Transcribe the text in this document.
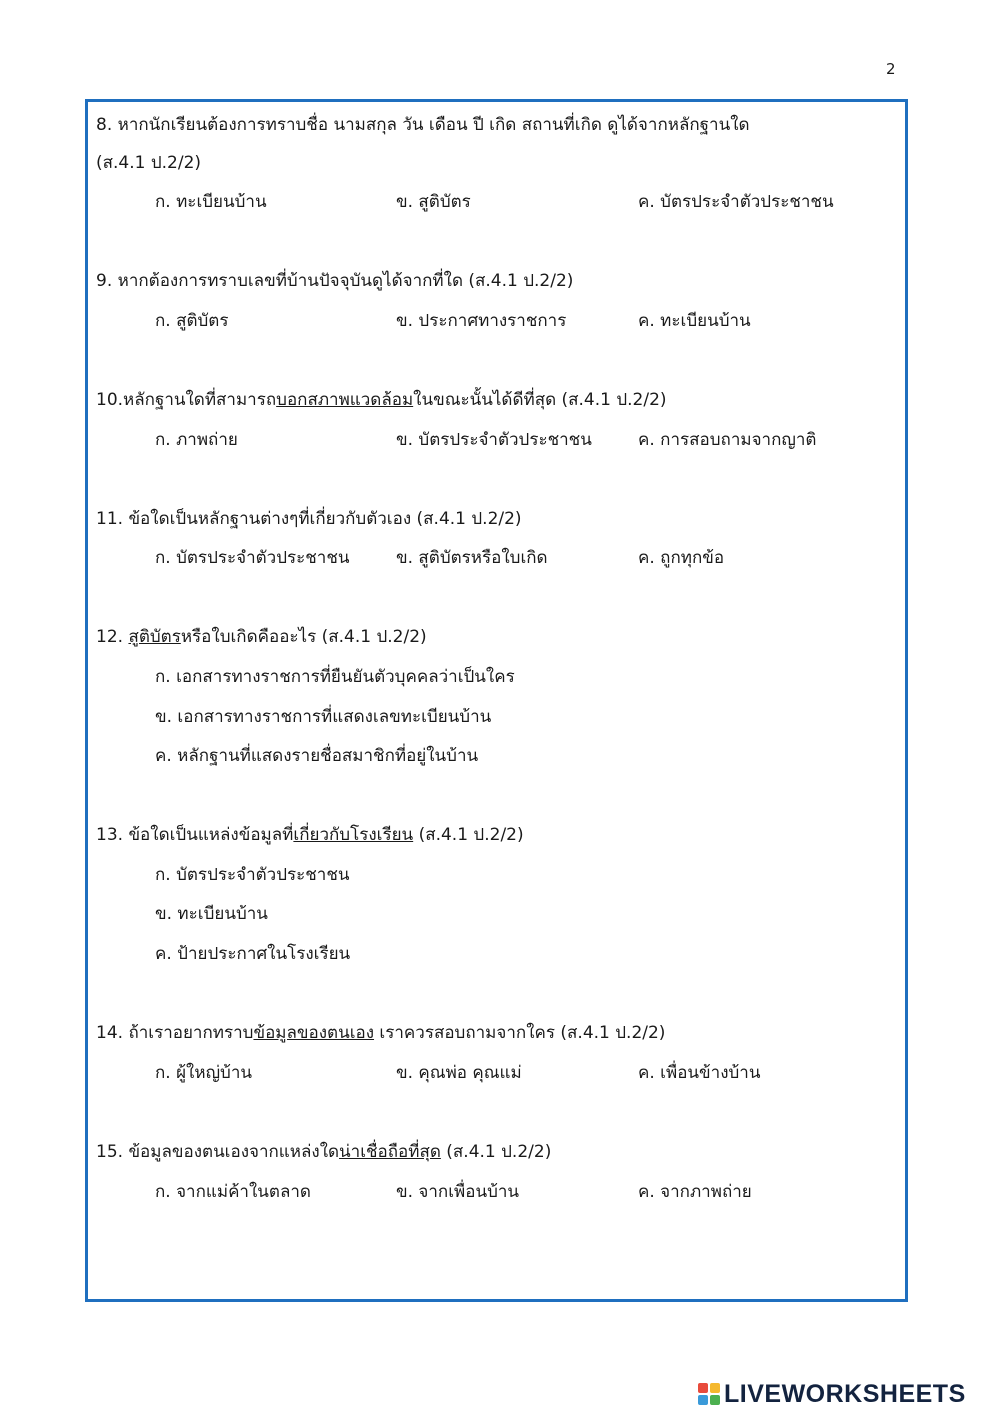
2
8. หากนักเรียนต้องการทราบชื่อ นามสกุล วัน เดือน ปี เกิด สถานที่เกิด ดูได้จากหลักฐานใด
(ส.4.1 ป.2/2)
ก. ทะเบียนบ้าน	ข. สูติบัตร	ค. บัตรประจำตัวประชาชน
9. หากต้องการทราบเลขที่บ้านปัจจุบันดูได้จากที่ใด (ส.4.1 ป.2/2)
ก. สูติบัตร	ข. ประกาศทางราชการ	ค. ทะเบียนบ้าน
10.หลักฐานใดที่สามารถบอกสภาพแวดล้อมในขณะนั้นได้ดีที่สุด (ส.4.1 ป.2/2)
ก. ภาพถ่าย	ข. บัตรประจำตัวประชาชน	ค. การสอบถามจากญาติ
11. ข้อใดเป็นหลักฐานต่างๆที่เกี่ยวกับตัวเอง (ส.4.1 ป.2/2)
ก. บัตรประจำตัวประชาชน	ข. สูติบัตรหรือใบเกิด	ค. ถูกทุกข้อ
12. สูติบัตรหรือใบเกิดคืออะไร (ส.4.1 ป.2/2)
ก. เอกสารทางราชการที่ยืนยันตัวบุคคลว่าเป็นใคร
ข. เอกสารทางราชการที่แสดงเลขทะเบียนบ้าน
ค. หลักฐานที่แสดงรายชื่อสมาชิกที่อยู่ในบ้าน
13. ข้อใดเป็นแหล่งข้อมูลที่เกี่ยวกับโรงเรียน (ส.4.1 ป.2/2)
ก. บัตรประจำตัวประชาชน
ข. ทะเบียนบ้าน
ค. ป้ายประกาศในโรงเรียน
14. ถ้าเราอยากทราบข้อมูลของตนเอง เราควรสอบถามจากใคร (ส.4.1 ป.2/2)
ก. ผู้ใหญ่บ้าน	ข. คุณพ่อ คุณแม่	ค. เพื่อนข้างบ้าน
15. ข้อมูลของตนเองจากแหล่งใดน่าเชื่อถือที่สุด (ส.4.1 ป.2/2)
ก. จากแม่ค้าในตลาด	ข. จากเพื่อนบ้าน	ค. จากภาพถ่าย
LIVEWORKSHEETS
